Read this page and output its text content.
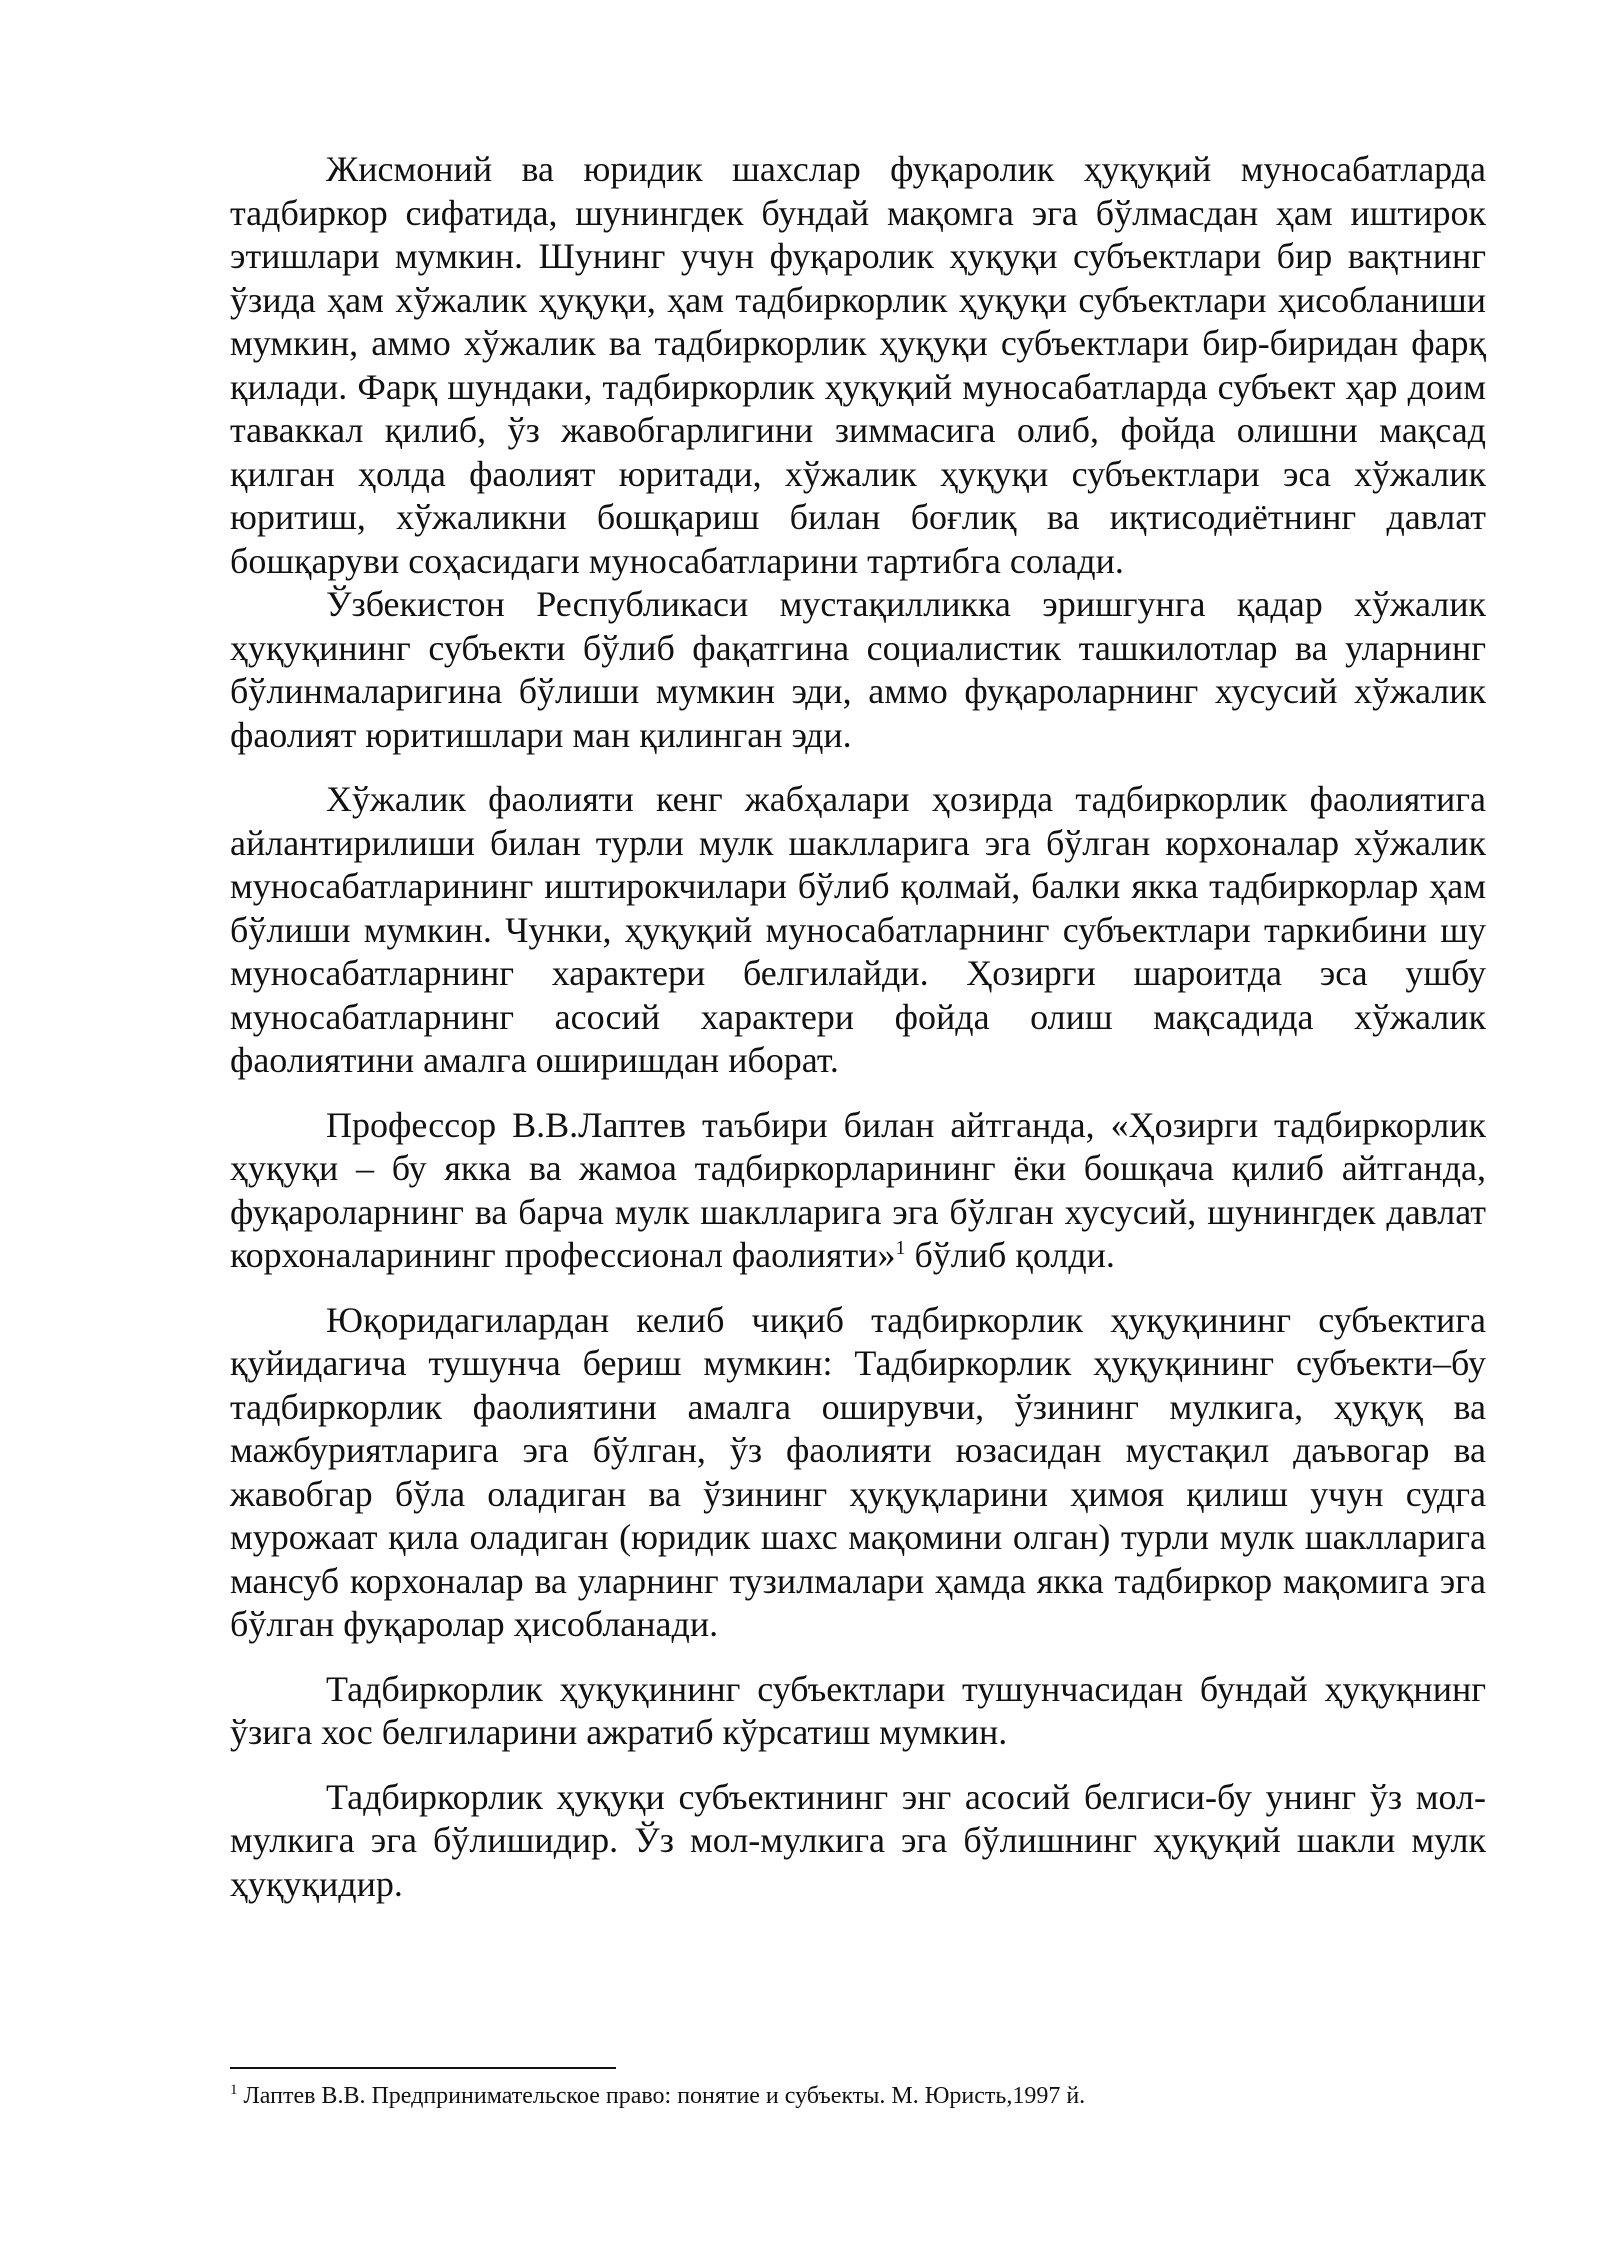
Жисмоний ва юридик шахслар фуқаролик ҳуқуқий муносабатларда тадбиркор сифатида, шунингдек бундай мақомга эга бўлмасдан ҳам иштирок этишлари мумкин. Шунинг учун фуқаролик ҳуқуқи субъектлари бир вақтнинг ўзида ҳам хўжалик ҳуқуқи, ҳам тадбиркорлик ҳуқуқи субъектлари ҳисобланиши мумкин, аммо хўжалик ва тадбиркорлик ҳуқуқи субъектлари бир-биридан фарқ қилади. Фарқ шундаки, тадбиркорлик ҳуқуқий муносабатларда субъект ҳар доим таваккал қилиб, ўз жавобгарлигини зиммасига олиб, фойда олишни мақсад қилган ҳолда фаолият юритади, хўжалик ҳуқуқи субъектлари эса хўжалик юритиш, хўжаликни бошқариш билан боғлиқ ва иқтисодиётнинг давлат бошқаруви соҳасидаги муносабатларини тартибга солади.

Ўзбекистон Республикаси мустақилликка эришгунга қадар хўжалик ҳуқуқининг субъекти бўлиб фақатгина социалистик ташкилотлар ва уларнинг бўлинмаларигина бўлиши мумкин эди, аммо фуқароларнинг хусусий хўжалик фаолият юритишлари ман қилинган эди.

Хўжалик фаолияти кенг жабҳалари ҳозирда тадбиркорлик фаолиятига айлантирилиши билан турли мулк шаклларига эга бўлган корхоналар хўжалик муносабатларининг иштирокчилари бўлиб қолмай, балки якка тадбиркорлар ҳам бўлиши мумкин. Чунки, ҳуқуқий муносабатларнинг субъектлари таркибини шу муносабатларнинг характери белгилайди. Ҳозирги шароитда эса ушбу муносабатларнинг асосий характери фойда олиш мақсадида хўжалик фаолиятини амалга оширишдан иборат.

Профессор В.В.Лаптев таъбири билан айтганда, «Ҳозирги тадбиркорлик ҳуқуқи – бу якка ва жамоа тадбиркорларининг ёки бошқача қилиб айтганда, фуқароларнинг ва барча мулк шаклларига эга бўлган хусусий, шунингдек давлат корхоналарининг профессионал фаолияти»$^1$ бўлиб қолди.

Юқоридагилардан келиб чиқиб тадбиркорлик ҳуқуқининг субъектига қуйидагича тушунча бериш мумкин: Тадбиркорлик ҳуқуқининг субъекти–бу тадбиркорлик фаолиятини амалга оширувчи, ўзининг мулкига, ҳуқуқ ва мажбуриятларига эга бўлган, ўз фаолияти юзасидан мустақил даъвогар ва жавобгар бўла оладиган ва ўзининг ҳуқуқларини ҳимоя қилиш учун судга мурожаат қила оладиган (юридик шахс мақомини олган) турли мулк шаклларига мансуб корхоналар ва уларнинг тузилмалари ҳамда якка тадбиркор мақомига эга бўлган фуқаролар ҳисобланади.

Тадбиркорлик ҳуқуқининг субъектлари тушунчасидан бундай ҳуқуқнинг ўзига хос белгиларини ажратиб кўрсатиш мумкин.

Тадбиркорлик ҳуқуқи субъектининг энг асосий белгиси-бу унинг ўз мол-мулкига эга бўлишидир. Ўз мол-мулкига эга бўлишнинг ҳуқуқий шакли мулк ҳуқуқидир.

$^1$ Лаптев В.В. Предпринимательское право: понятие и субъекты. М. Юристь,1997 й.
